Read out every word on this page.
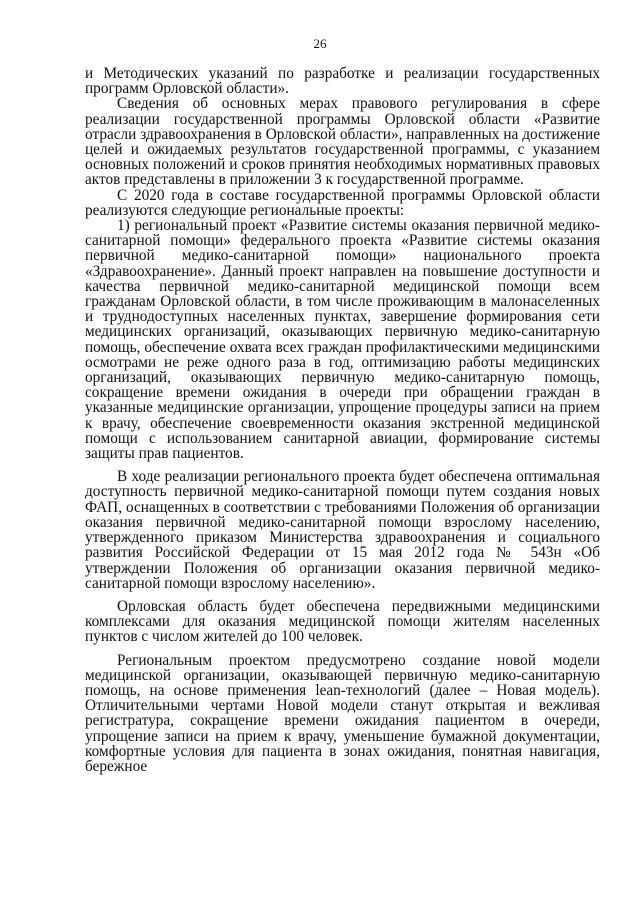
26

и Методических указаний по разработке и реализации государственных программ Орловской области».

Сведения об основных мерах правового регулирования в сфере реализации государственной программы Орловской области «Развитие отрасли здравоохранения в Орловской области», направленных на достижение целей и ожидаемых результатов государственной программы, с указанием основных положений и сроков принятия необходимых нормативных правовых актов представлены в приложении 3 к государственной программе.

С 2020 года в составе государственной программы Орловской области реализуются следующие региональные проекты:

1) региональный проект «Развитие системы оказания первичной медико-санитарной помощи» федерального проекта «Развитие системы оказания первичной медико-санитарной помощи» национального проекта «Здравоохранение». Данный проект направлен на повышение доступности и качества первичной медико-санитарной медицинской помощи всем гражданам Орловской области, в том числе проживающим в малонаселенных и труднодоступных населенных пунктах, завершение формирования сети медицинских организаций, оказывающих первичную медико-санитарную помощь, обеспечение охвата всех граждан профилактическими медицинскими осмотрами не реже одного раза в год, оптимизацию работы медицинских организаций, оказывающих первичную медико-санитарную помощь, сокращение времени ожидания в очереди при обращении граждан в указанные медицинские организации, упрощение процедуры записи на прием к врачу, обеспечение своевременности оказания экстренной медицинской помощи с использованием санитарной авиации, формирование системы защиты прав пациентов.

В ходе реализации регионального проекта будет обеспечена оптимальная доступность первичной медико-санитарной помощи путем создания новых ФАП, оснащенных в соответствии с требованиями Положения об организации оказания первичной медико-санитарной помощи взрослому населению, утвержденного приказом Министерства здравоохранения и социального развития Российской Федерации от 15 мая 2012 года № 543н «Об утверждении Положения об организации оказания первичной медико-санитарной помощи взрослому населению».

Орловская область будет обеспечена передвижными медицинскими комплексами для оказания медицинской помощи жителям населенных пунктов с числом жителей до 100 человек.

Региональным проектом предусмотрено создание новой модели медицинской организации, оказывающей первичную медико-санитарную помощь, на основе применения lean-технологий (далее – Новая модель). Отличительными чертами Новой модели станут открытая и вежливая регистратура, сокращение времени ожидания пациентом в очереди, упрощение записи на прием к врачу, уменьшение бумажной документации, комфортные условия для пациента в зонах ожидания, понятная навигация, бережное
